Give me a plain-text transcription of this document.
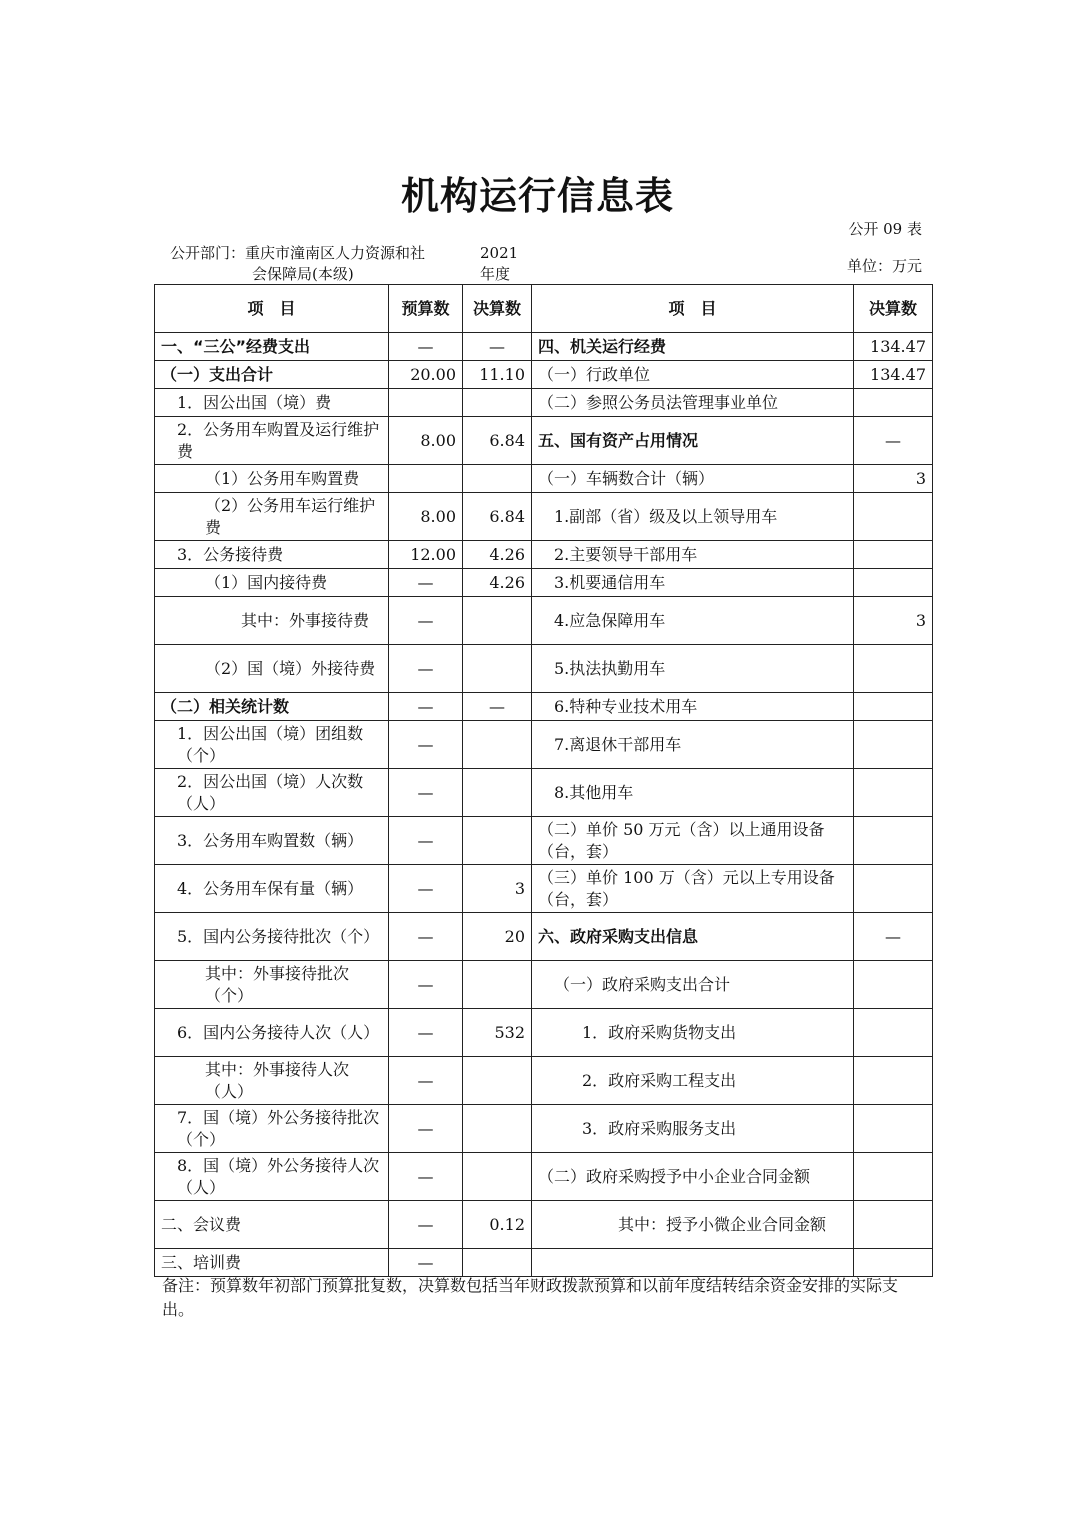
机构运行信息表
公开 09 表
公开部门：重庆市潼南区人力资源和社
会保障局(本级)
2021
年度	单位：万元
项　目	预算数	决算数	项　目	决算数
一、“三公”经费支出	—	—	四、机关运行经费	134.47
（一）支出合计	20.00	11.10	（一）行政单位	134.47
1．因公出国（境）费			（二）参照公务员法管理事业单位	
2．公务用车购置及运行维护费	8.00	6.84	五、国有资产占用情况	—
（1）公务用车购置费			（一）车辆数合计（辆）	3
（2）公务用车运行维护费	8.00	6.84	1.副部（省）级及以上领导用车	
3．公务接待费	12.00	4.26	2.主要领导干部用车	
（1）国内接待费	—	4.26	3.机要通信用车	
其中：外事接待费	—		4.应急保障用车	3
（2）国（境）外接待费	—		5.执法执勤用车	
（二）相关统计数	—	—	6.特种专业技术用车	
1．因公出国（境）团组数（个）	—		7.离退休干部用车	
2．因公出国（境）人次数（人）	—		8.其他用车	
3．公务用车购置数（辆）	—		（二）单价 50 万元（含）以上通用设备（台，套）	
4．公务用车保有量（辆）	—	3	（三）单价 100 万（含）元以上专用设备（台，套）	
5．国内公务接待批次（个）	—	20	六、政府采购支出信息	—
其中：外事接待批次（个）	—		（一）政府采购支出合计	
6．国内公务接待人次（人）	—	532	1．政府采购货物支出	
其中：外事接待人次（人）	—		2．政府采购工程支出	
7．国（境）外公务接待批次（个）	—		3．政府采购服务支出	
8．国（境）外公务接待人次（人）	—		（二）政府采购授予中小企业合同金额	
二、会议费	—	0.12	其中：授予小微企业合同金额	
三、培训费	—			
备注：预算数年初部门预算批复数，决算数包括当年财政拨款预算和以前年度结转结余资金安排的实际支出。
